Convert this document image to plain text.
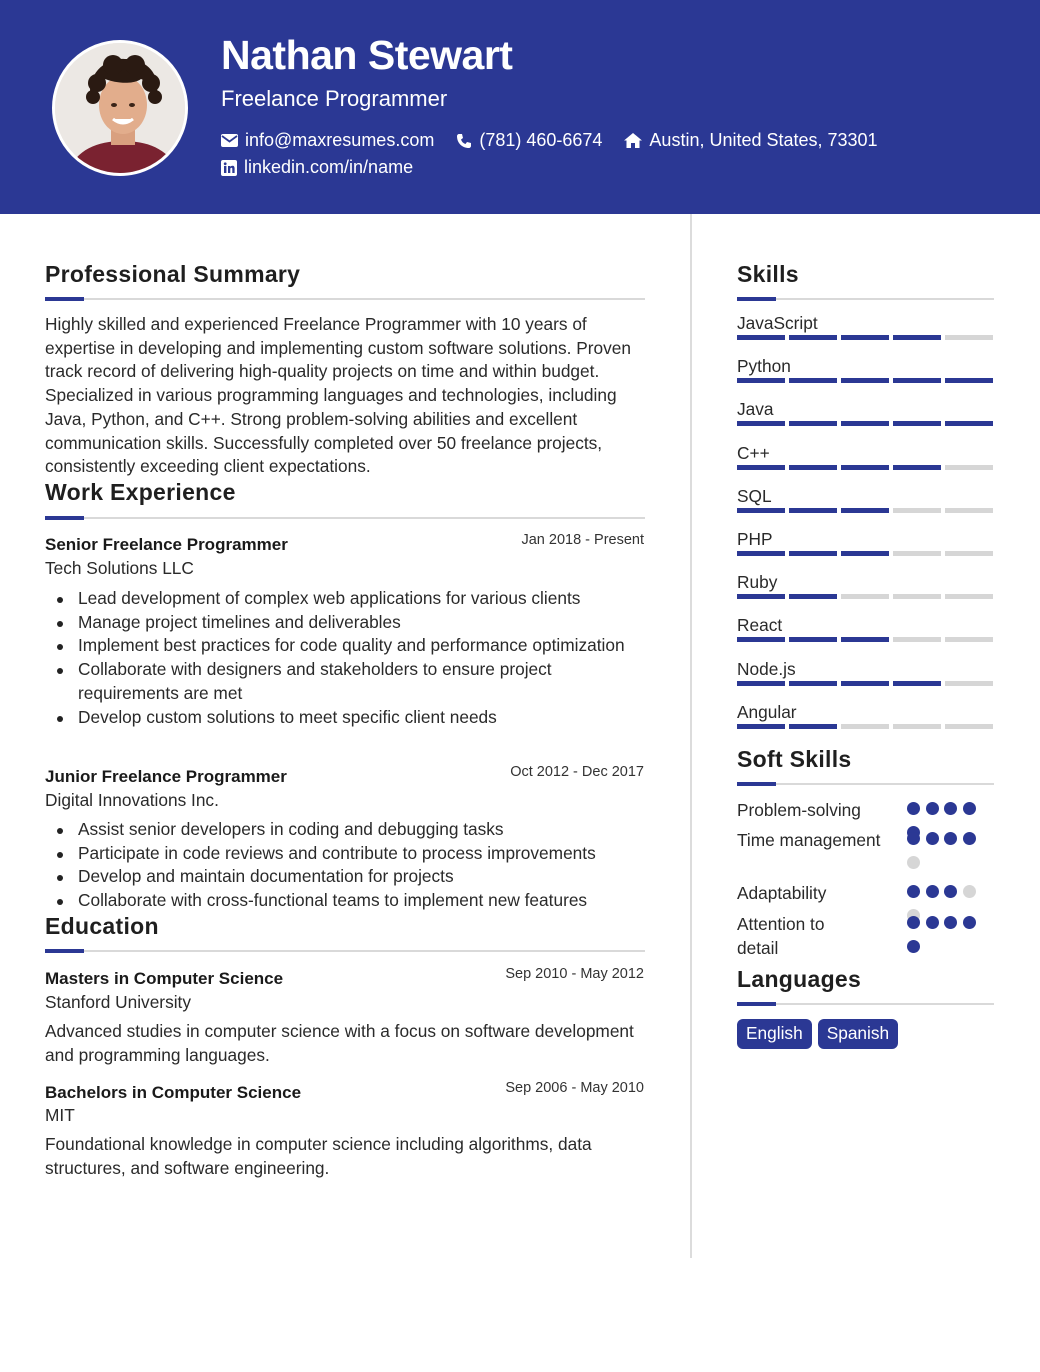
Nathan Stewart
Freelance Programmer
info@maxresumes.com	(781) 460-6674	Austin, United States, 73301
linkedin.com/in/name
Professional Summary
Highly skilled and experienced Freelance Programmer with 10 years of expertise in developing and implementing custom software solutions. Proven track record of delivering high-quality projects on time and within budget. Specialized in various programming languages and technologies, including Java, Python, and C++. Strong problem-solving abilities and excellent communication skills. Successfully completed over 50 freelance projects, consistently exceeding client expectations.
Work Experience
Senior Freelance Programmer	Jan 2018 - Present
Tech Solutions LLC
Lead development of complex web applications for various clients
Manage project timelines and deliverables
Implement best practices for code quality and performance optimization
Collaborate with designers and stakeholders to ensure project requirements are met
Develop custom solutions to meet specific client needs
Junior Freelance Programmer	Oct 2012 - Dec 2017
Digital Innovations Inc.
Assist senior developers in coding and debugging tasks
Participate in code reviews and contribute to process improvements
Develop and maintain documentation for projects
Collaborate with cross-functional teams to implement new features
Education
Masters in Computer Science	Sep 2010 - May 2012
Stanford University
Advanced studies in computer science with a focus on software development and programming languages.
Bachelors in Computer Science	Sep 2006 - May 2010
MIT
Foundational knowledge in computer science including algorithms, data structures, and software engineering.
Skills
JavaScript
Python
Java
C++
SQL
PHP
Ruby
React
Node.js
Angular
Soft Skills
Problem-solving
Time management
Adaptability
Attention to detail
Languages
English	Spanish
